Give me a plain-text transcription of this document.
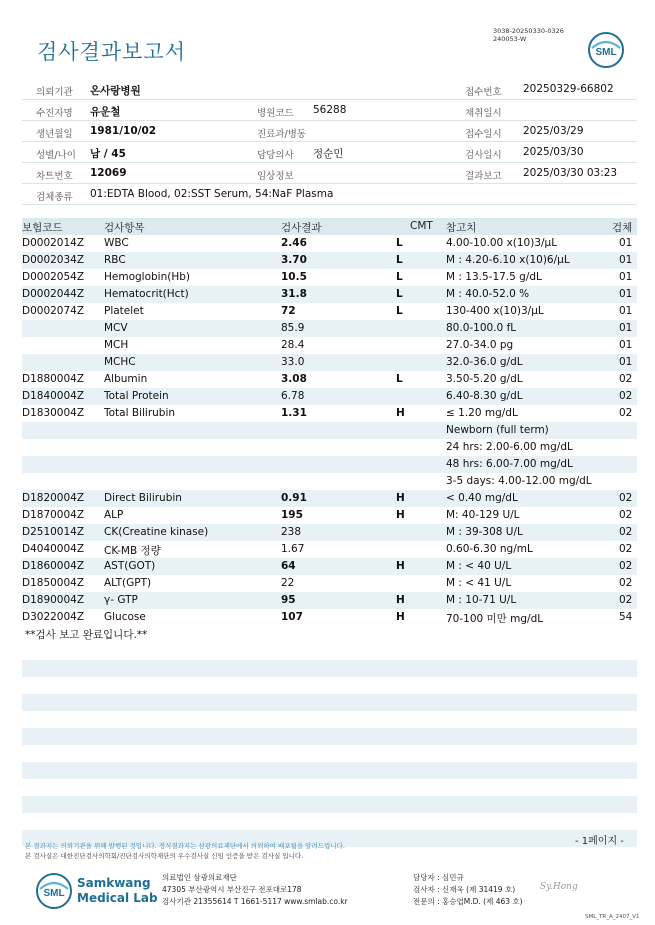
검사결과보고서
3038-20250330-0326
240053-W
SML
의뢰기관 온사랑병원	접수번호 20250329-66802
수진자명 유운철	병원코드 56288	채취일시
생년월일 1981/10/02	진료과/병동	접수일시 2025/03/29
성별/나이 남 / 45	담당의사 정순민	검사일시 2025/03/30
차트번호 12069	임상정보	결과보고 2025/03/30 03:23
검체종류 01:EDTA Blood, 02:SST Serum, 54:NaF Plasma
보험코드	검사항목	검사결과	CMT 참고치	검체
D0002014Z WBC	2.46	L	4.00-10.00 x(10)3/μL	01
D0002034Z RBC	3.70	L	M : 4.20-6.10 x(10)6/μL	01
D0002054Z Hemoglobin(Hb)	10.5	L	M : 13.5-17.5 g/dL	01
D0002044Z Hematocrit(Hct)	31.8	L	M : 40.0-52.0 %	01
D0002074Z Platelet	72	L	130-400 x(10)3/μL	01
MCV	85.9	80.0-100.0 fL	01
MCH	28.4	27.0-34.0 pg	01
MCHC	33.0	32.0-36.0 g/dL	01
D1880004Z Albumin	3.08	L	3.50-5.20 g/dL	02
D1840004Z Total Protein	6.78	6.40-8.30 g/dL	02
D1830004Z Total Bilirubin	1.31	H	≤ 1.20 mg/dL	02
Newborn (full term)
24 hrs: 2.00-6.00 mg/dL
48 hrs: 6.00-7.00 mg/dL
3-5 days: 4.00-12.00 mg/dL
D1820004Z Direct Bilirubin	0.91	H	< 0.40 mg/dL	02
D1870004Z ALP	195	H	M: 40-129 U/L	02
D2510014Z CK(Creatine kinase)	238	M : 39-308 U/L	02
D4040004Z CK-MB 정량	1.67	0.60-6.30 ng/mL	02
D1860004Z AST(GOT)	64	H	M : < 40 U/L	02
D1850004Z ALT(GPT)	22	M : < 41 U/L	02
D1890004Z γ- GTP	95	H	M : 10-71 U/L	02
D3022004Z Glucose	107	H	70-100 미만 mg/dL	54
**검사 보고 완료입니다.**
- 1페이지 -
본 결과지는 의뢰기관을 위해 발행된 것입니다. 정식결과지는 삼광의료재단에서 의뢰하여 배포됨을 알려드립니다.
본 검사실은 대한진단검사의학회/진단검사의학재단의 우수검사실 신임 인증을 받은 검사실 입니다.
SML
Samkwang
Medical Lab
의료법인 삼광의료재단
47305 부산광역시 부산진구 전포대로178
검사기관 21355614 T 1661-5117 www.smlab.co.kr
담당자 : 심민규
검사자 : 신재욱 (제 31419 호)
전문의 : 홍승엽M.D. (제 463 호)
Sy.Hong
SML_TR_A_2407_V1
